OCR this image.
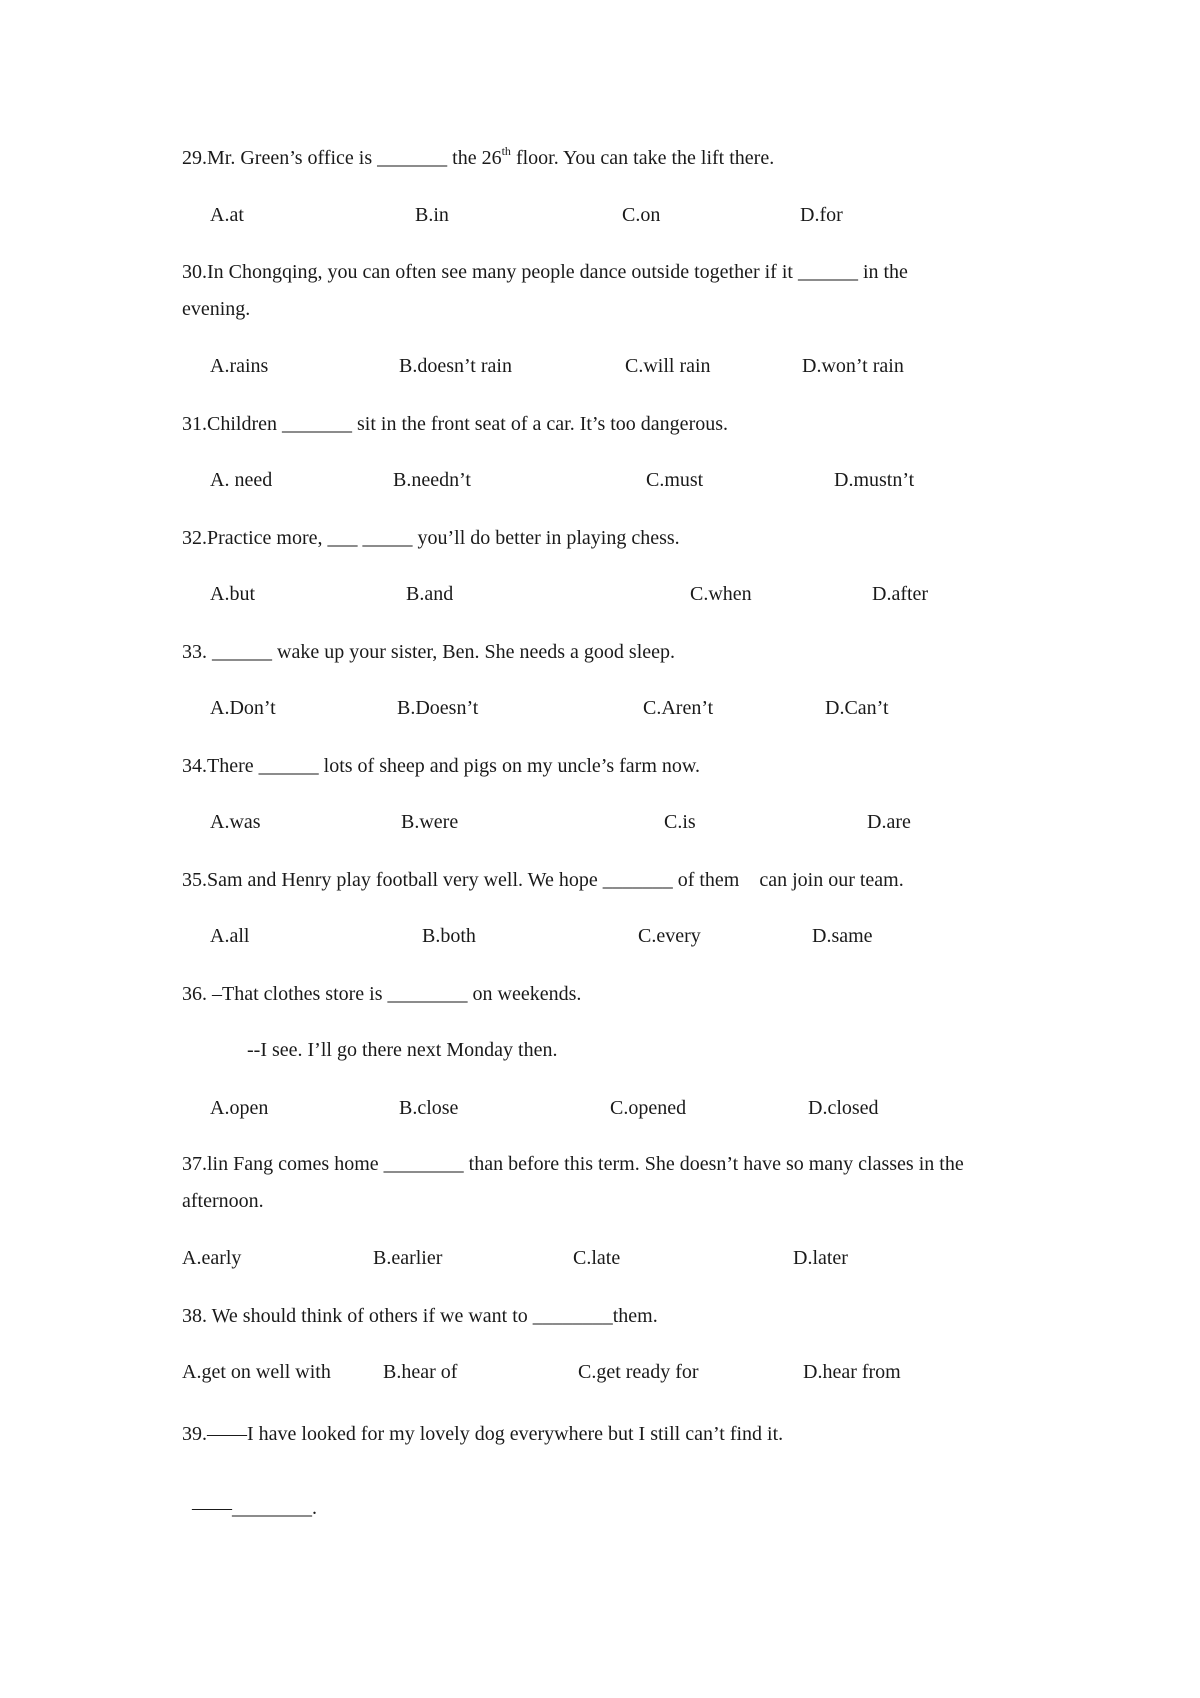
29.Mr. Green’s office is _______ the 26th floor. You can take the lift there.
A.at	B.in	C.on	D.for
30.In Chongqing, you can often see many people dance outside together if it ______ in the
evening.
A.rains	B.doesn’t rain	C.will rain	D.won’t rain
31.Children _______ sit in the front seat of a car. It’s too dangerous.
A. need	B.needn’t	C.must	D.mustn’t
32.Practice more, ___ _____ you’ll do better in playing chess.
A.but	B.and	C.when	D.after
33. ______ wake up your sister, Ben. She needs a good sleep.
A.Don’t	B.Doesn’t	C.Aren’t	D.Can’t
34.There ______ lots of sheep and pigs on my uncle’s farm now.
A.was	B.were	C.is	D.are
35.Sam and Henry play football very well. We hope _______ of them    can join our team.
A.all	B.both	C.every	D.same
36. –That clothes store is ________ on weekends.
--I see. I’ll go there next Monday then.
A.open	B.close	C.opened	D.closed
37.lin Fang comes home ________ than before this term. She doesn’t have so many classes in the
afternoon.
A.early	B.earlier	C.late	D.later
38. We should think of others if we want to ________them.
A.get on well with	B.hear of	C.get ready for	D.hear from
39.——I have looked for my lovely dog everywhere but I still can’t find it.
——________.
